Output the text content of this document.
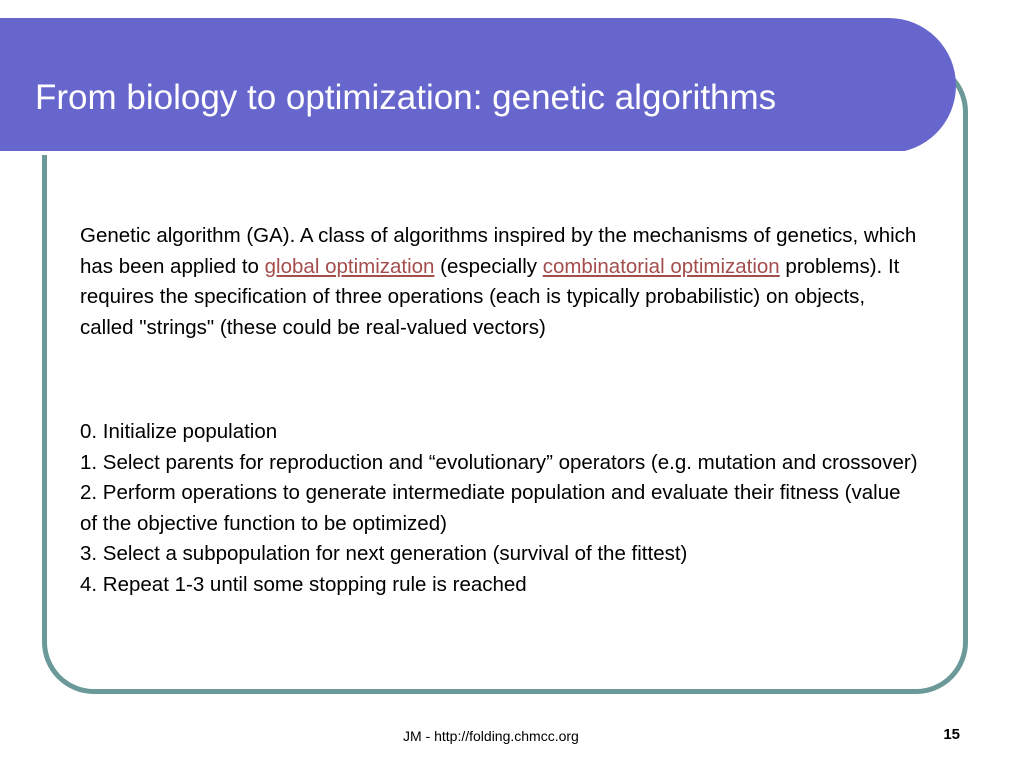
From biology to optimization: genetic algorithms
Genetic algorithm (GA). A class of algorithms inspired by the mechanisms of genetics, which has been applied to global optimization (especially combinatorial optimization problems). It requires the specification of three operations (each is typically probabilistic) on objects, called "strings" (these could be real-valued vectors)
0. Initialize population
1. Select parents for reproduction and “evolutionary” operators (e.g. mutation and crossover)
2. Perform operations to generate intermediate population and evaluate their fitness (value of the objective function to be optimized)
3. Select a subpopulation for next generation (survival of the fittest)
4. Repeat 1-3 until some stopping rule is reached
JM - http://folding.chmcc.org	15
